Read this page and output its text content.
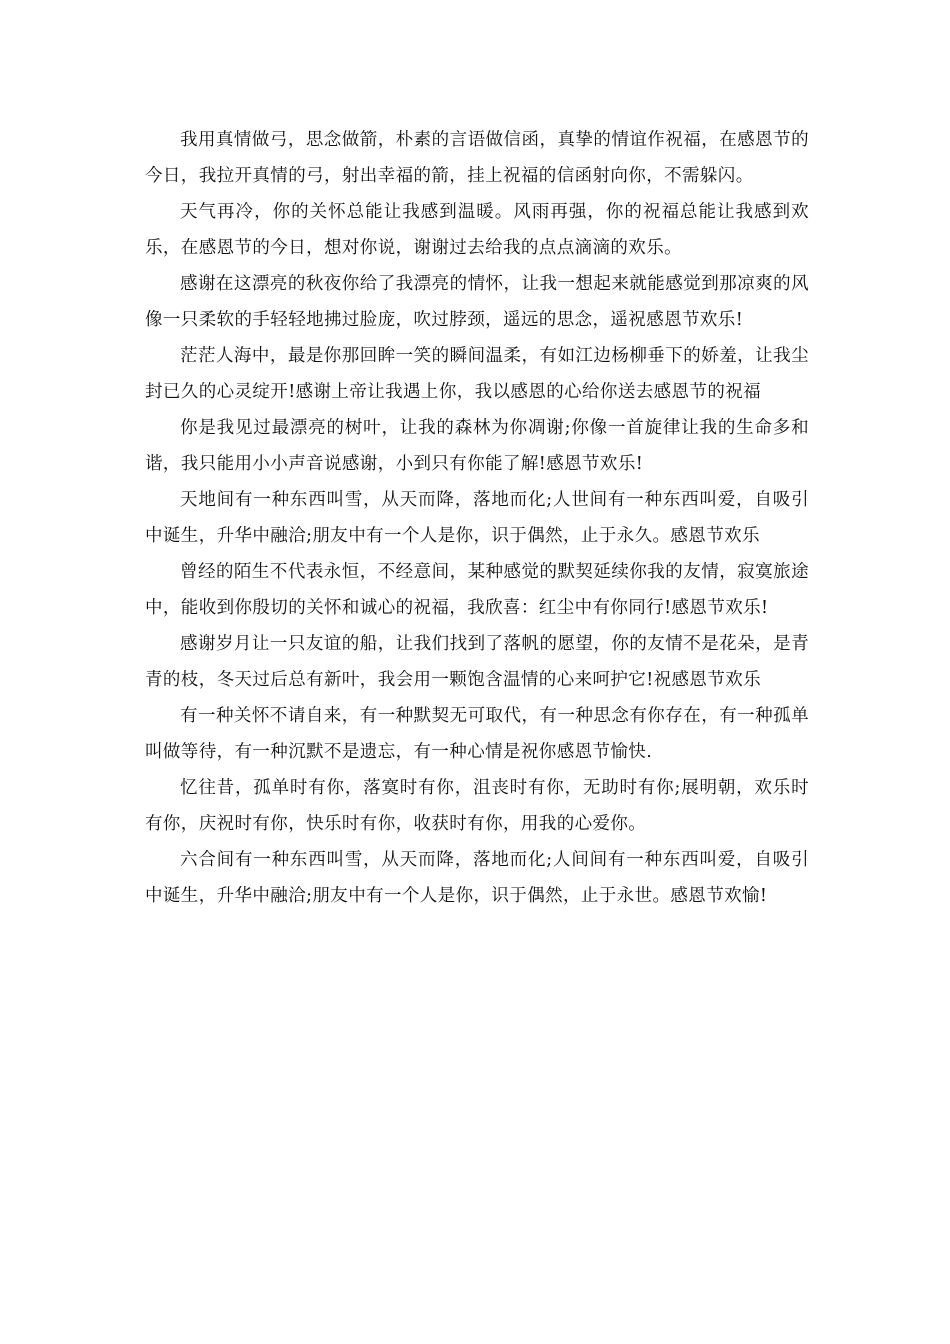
我用真情做弓，思念做箭，朴素的言语做信函，真挚的情谊作祝福，在感恩节的今日，我拉开真情的弓，射出幸福的箭，挂上祝福的信函射向你，不需躲闪。

天气再冷，你的关怀总能让我感到温暖。风雨再强，你的祝福总能让我感到欢乐，在感恩节的今日，想对你说，谢谢过去给我的点点滴滴的欢乐。

感谢在这漂亮的秋夜你给了我漂亮的情怀，让我一想起来就能感觉到那凉爽的风像一只柔软的手轻轻地拂过脸庞，吹过脖颈，遥远的思念，遥祝感恩节欢乐!

茫茫人海中，最是你那回眸一笑的瞬间温柔，有如江边杨柳垂下的娇羞，让我尘封已久的心灵绽开!感谢上帝让我遇上你，我以感恩的心给你送去感恩节的祝福

你是我见过最漂亮的树叶，让我的森林为你凋谢;你像一首旋律让我的生命多和谐，我只能用小小声音说感谢，小到只有你能了解!感恩节欢乐!

天地间有一种东西叫雪，从天而降，落地而化;人世间有一种东西叫爱，自吸引中诞生，升华中融洽;朋友中有一个人是你，识于偶然，止于永久。感恩节欢乐

曾经的陌生不代表永恒，不经意间，某种感觉的默契延续你我的友情，寂寞旅途中，能收到你殷切的关怀和诚心的祝福，我欣喜：红尘中有你同行!感恩节欢乐!

感谢岁月让一只友谊的船，让我们找到了落帆的愿望，你的友情不是花朵，是青青的枝，冬天过后总有新叶，我会用一颗饱含温情的心来呵护它!祝感恩节欢乐

有一种关怀不请自来，有一种默契无可取代，有一种思念有你存在，有一种孤单叫做等待，有一种沉默不是遗忘，有一种心情是祝你感恩节愉快.

忆往昔，孤单时有你，落寞时有你，沮丧时有你，无助时有你;展明朝，欢乐时有你，庆祝时有你，快乐时有你，收获时有你，用我的心爱你。

六合间有一种东西叫雪，从天而降，落地而化;人间间有一种东西叫爱，自吸引中诞生，升华中融洽;朋友中有一个人是你，识于偶然，止于永世。感恩节欢愉!
